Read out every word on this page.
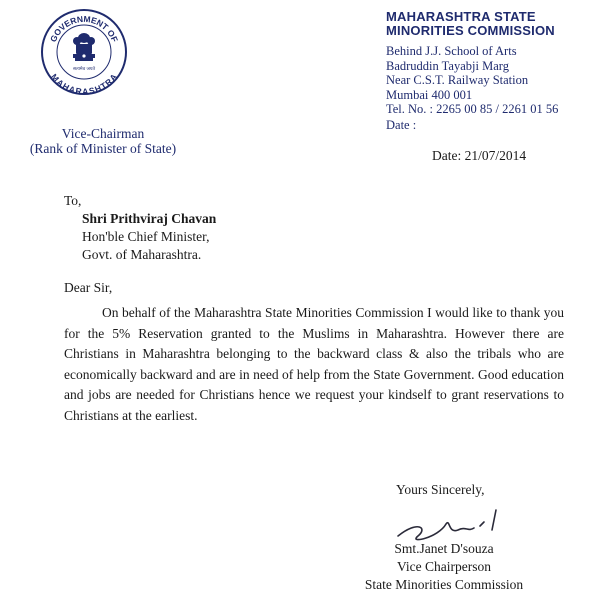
GOVERNMENT OF
MAHARASHTRA
सत्यमेव जयते
MAHARASHTRA STATE
MINORITIES COMMISSION
Behind J.J. School of Arts
Badruddin Tayabji Marg
Near C.S.T. Railway Station
Mumbai 400 001
Tel. No. : 2265 00 85 / 2261 01 56
Date :
Vice-Chairman
(Rank of Minister of State)	Date: 21/07/2014
To,
Shri Prithviraj Chavan
Hon'ble Chief Minister,
Govt. of Maharashtra.
Dear Sir,

On behalf of the Maharashtra State Minorities Commission I would like to thank you for the 5% Reservation granted to the Muslims in Maharashtra. However there are Christians in Maharashtra belonging to the backward class & also the tribals who are economically backward and are in need of help from the State Government. Good education and jobs are needed for Christians hence we request your kindself to grant reservations to Christians at the earliest.

Yours Sincerely,
Smt.Janet D'souza
Vice Chairperson
State Minorities Commission
